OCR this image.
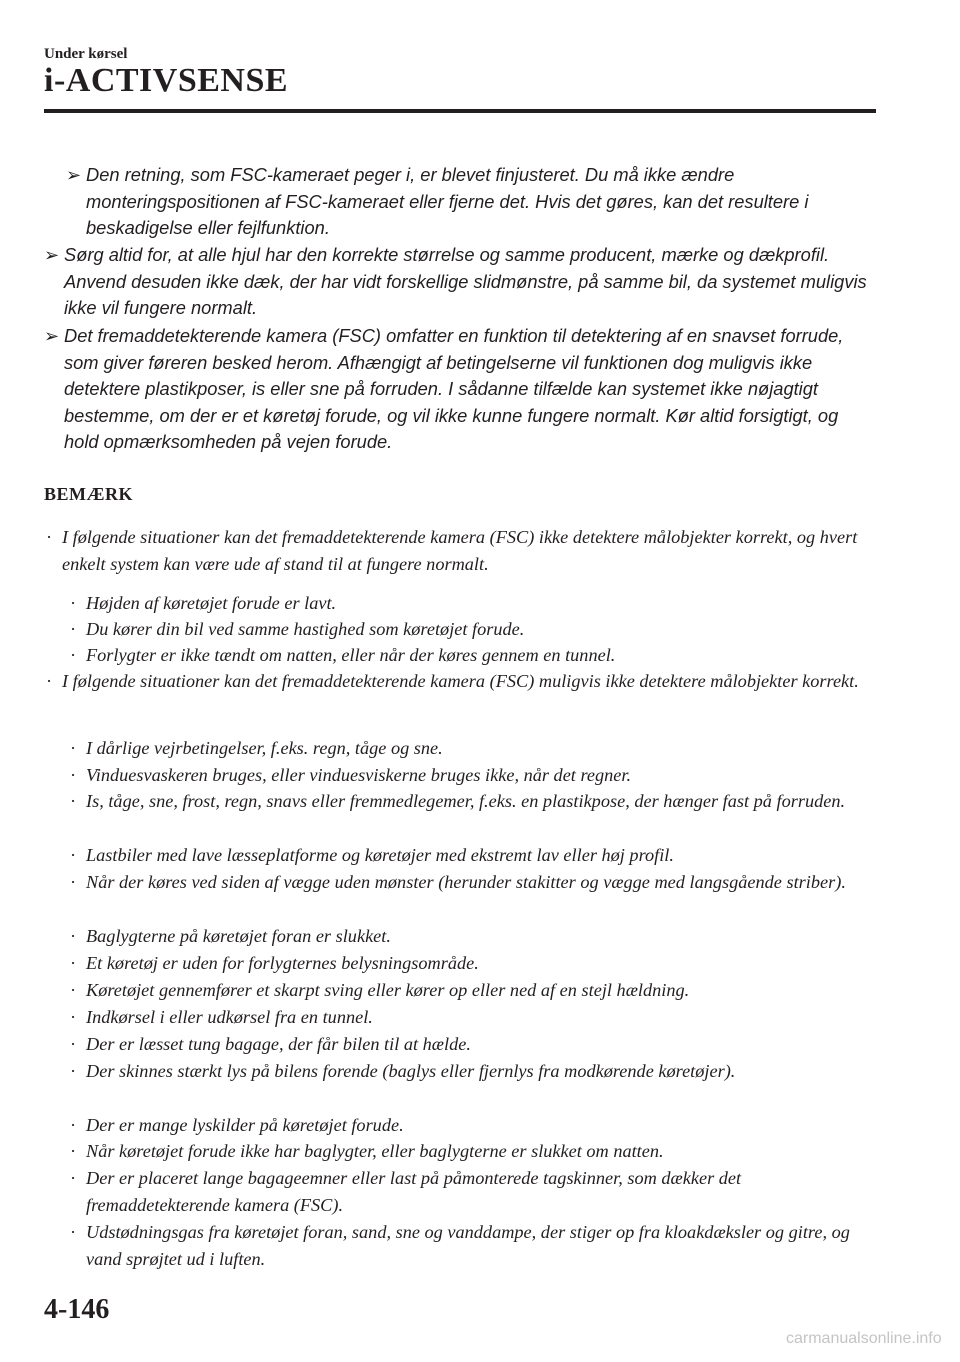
Under kørsel
i-ACTIVSENSE
➢ Den retning, som FSC-kameraet peger i, er blevet finjusteret. Du må ikke ændre monteringspositionen af FSC-kameraet eller fjerne det. Hvis det gøres, kan det resultere i beskadigelse eller fejlfunktion.
➢ Sørg altid for, at alle hjul har den korrekte størrelse og samme producent, mærke og dækprofil. Anvend desuden ikke dæk, der har vidt forskellige slidmønstre, på samme bil, da systemet muligvis ikke vil fungere normalt.
➢ Det fremaddetekterende kamera (FSC) omfatter en funktion til detektering af en snavset forrude, som giver føreren besked herom. Afhængigt af betingelserne vil funktionen dog muligvis ikke detektere plastikposer, is eller sne på forruden. I sådanne tilfælde kan systemet ikke nøjagtigt bestemme, om der er et køretøj forude, og vil ikke kunne fungere normalt. Kør altid forsigtigt, og hold opmærksomheden på vejen forude.
BEMÆRK
· I følgende situationer kan det fremaddetekterende kamera (FSC) ikke detektere målobjekter korrekt, og hvert enkelt system kan være ude af stand til at fungere normalt.
· Højden af køretøjet forude er lavt.
· Du kører din bil ved samme hastighed som køretøjet forude.
· Forlygter er ikke tændt om natten, eller når der køres gennem en tunnel.
· I følgende situationer kan det fremaddetekterende kamera (FSC) muligvis ikke detektere målobjekter korrekt.
· I dårlige vejrbetingelser, f.eks. regn, tåge og sne.
· Vinduesvaskeren bruges, eller vinduesviskerne bruges ikke, når det regner.
· Is, tåge, sne, frost, regn, snavs eller fremmedlegemer, f.eks. en plastikpose, der hænger fast på forruden.
· Lastbiler med lave læsseplatforme og køretøjer med ekstremt lav eller høj profil.
· Når der køres ved siden af vægge uden mønster (herunder stakitter og vægge med langsgående striber).
· Baglygterne på køretøjet foran er slukket.
· Et køretøj er uden for forlygternes belysningsområde.
· Køretøjet gennemfører et skarpt sving eller kører op eller ned af en stejl hældning.
· Indkørsel i eller udkørsel fra en tunnel.
· Der er læsset tung bagage, der får bilen til at hælde.
· Der skinnes stærkt lys på bilens forende (baglys eller fjernlys fra modkørende køretøjer).
· Der er mange lyskilder på køretøjet forude.
· Når køretøjet forude ikke har baglygter, eller baglygterne er slukket om natten.
· Der er placeret lange bagageemner eller last på påmonterede tagskinner, som dækker det fremaddetekterende kamera (FSC).
· Udstødningsgas fra køretøjet foran, sand, sne og vanddampe, der stiger op fra kloakdæksler og gitre, og vand sprøjtet ud i luften.
4-146
carmanualsonline.info
